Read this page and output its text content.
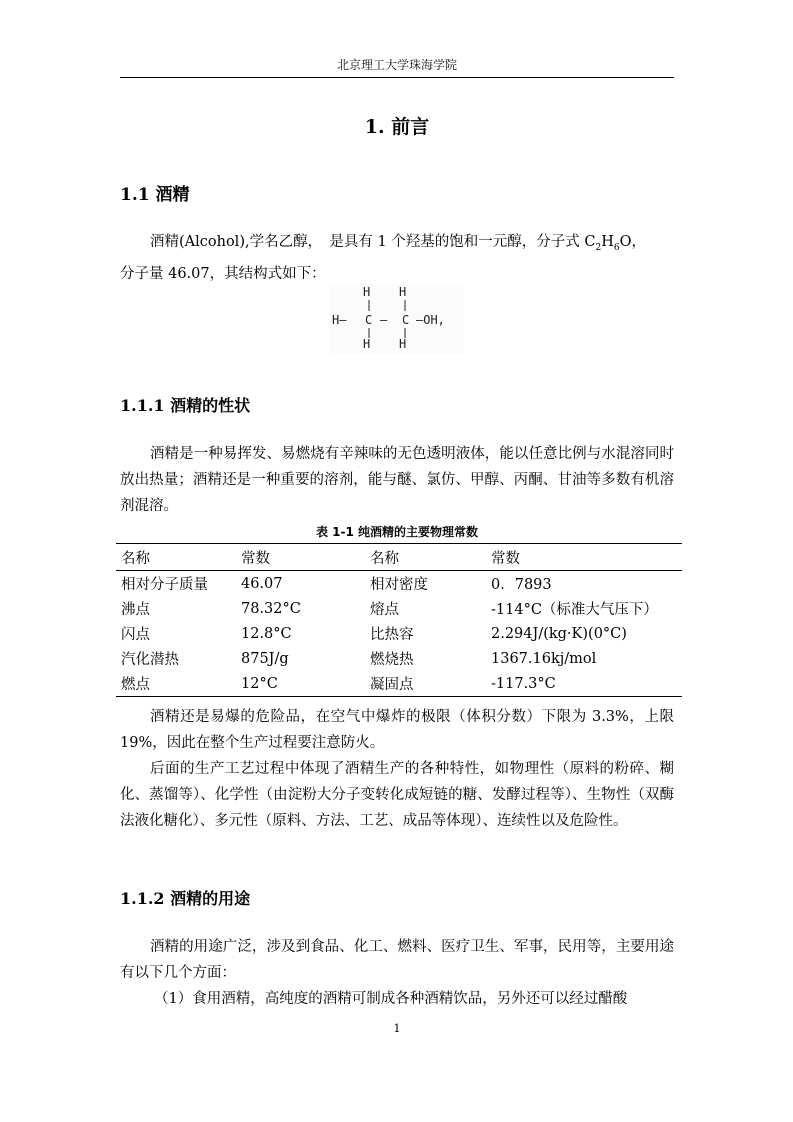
北京理工大学珠海学院
1. 前言
1.1 酒精
酒精(Alcohol),学名乙醇，　是具有 1 个羟基的饱和一元醇，分子式 $C_2H_6O$，
分子量 46.07，其结构式如下：
H H
H— C — C —OH,
H H
1.1.1 酒精的性状
酒精是一种易挥发、易燃烧有辛辣味的无色透明液体，能以任意比例与水混溶同时放出热量；酒精还是一种重要的溶剂，能与醚、氯仿、甲醇、丙酮、甘油等多数有机溶剂混溶。
表 1-1 纯酒精的主要物理常数
名称	常数	名称	常数
相对分子质量	46.07	相对密度	0．7893
沸点	78.32°C	熔点	-114°C（标准大气压下）
闪点	12.8°C	比热容	2.294J/(kg·K)(0°C)
汽化潜热	875J/g	燃烧热	1367.16kj/mol
燃点	12°C	凝固点	-117.3°C
酒精还是易爆的危险品，在空气中爆炸的极限（体积分数）下限为 3.3%，上限 19%，因此在整个生产过程要注意防火。
后面的生产工艺过程中体现了酒精生产的各种特性，如物理性（原料的粉碎、糊化、蒸馏等）、化学性（由淀粉大分子变转化成短链的糖、发酵过程等）、生物性（双酶法液化糖化）、多元性（原料、方法、工艺、成品等体现）、连续性以及危险性。
1.1.2 酒精的用途
酒精的用途广泛，涉及到食品、化工、燃料、医疗卫生、军事，民用等，主要用途有以下几个方面：
（1）食用酒精，高纯度的酒精可制成各种酒精饮品，另外还可以经过醋酸
1
